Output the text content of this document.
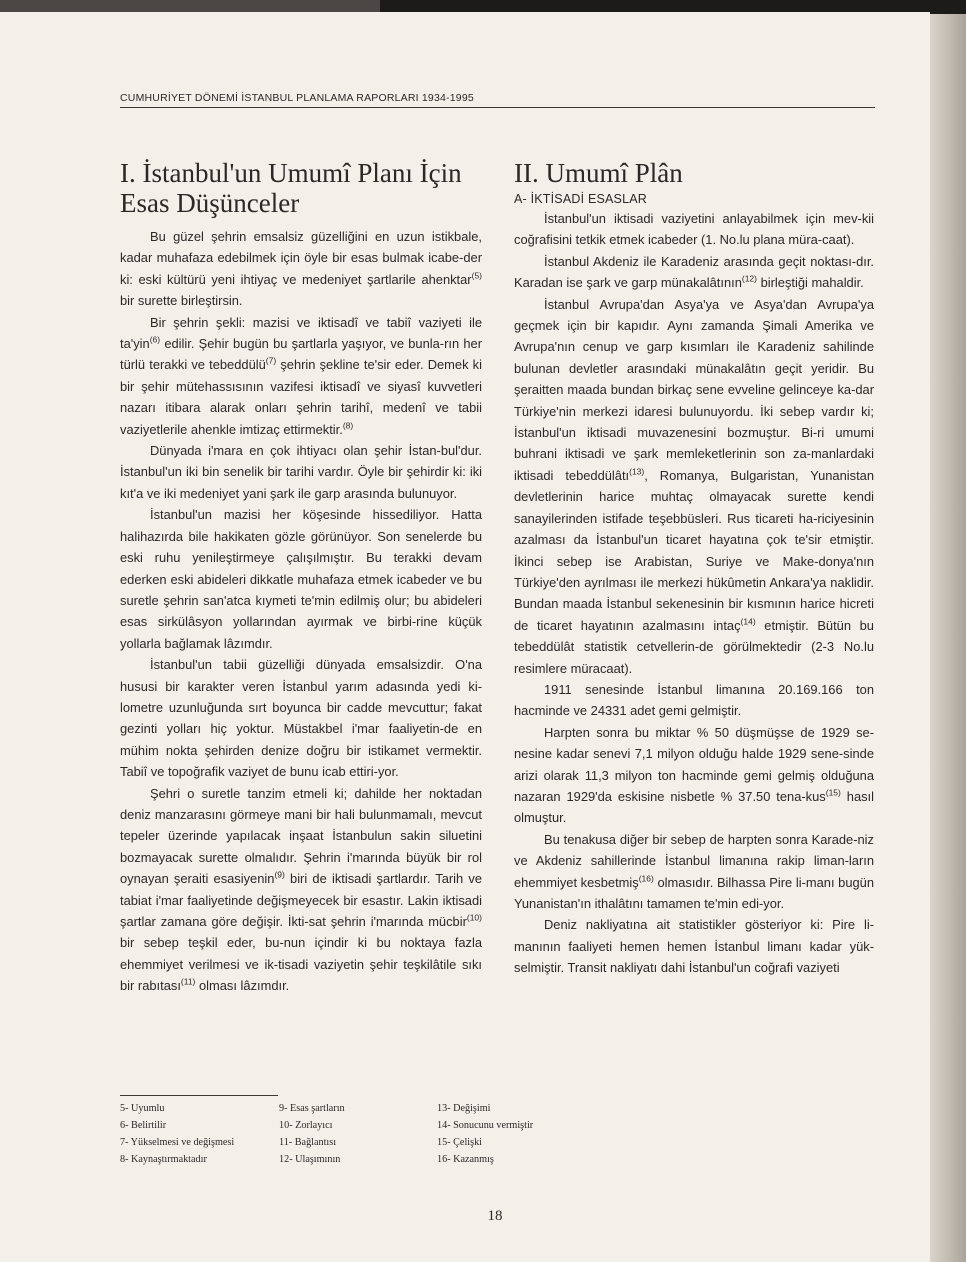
CUMHURİYET DÖNEMİ İSTANBUL PLANLAMA RAPORLARI 1934-1995
I. İstanbul'un Umumî Planı İçin
Esas Düşünceler

Bu güzel şehrin emsalsiz güzelliğini en uzun istikbale, kadar muhafaza edebilmek için öyle bir esas bulmak icabe-der ki: eski kültürü yeni ihtiyaç ve medeniyet şartlarile ahenktar$^{(5)}$ bir surette birleştirsin.

Bir şehrin şekli: mazisi ve iktisadî ve tabiî vaziyeti ile ta'yin$^{(6)}$ edilir. Şehir bugün bu şartlarla yaşıyor, ve bunla-rın her türlü terakki ve tebeddülü$^{(7)}$ şehrin şekline te'sir eder. Demek ki bir şehir mütehassısının vazifesi iktisadî ve siyasî kuvvetleri nazarı itibara alarak onları şehrin tarihî, medenî ve tabii vaziyetlerile ahenkle imtizaç ettirmektir.$^{(8)}$

Dünyada i'mara en çok ihtiyacı olan şehir İstan-bul'dur. İstanbul'un iki bin senelik bir tarihi vardır. Öyle bir şehirdir ki: iki kıt'a ve iki medeniyet yani şark ile garp arasında bulunuyor.

İstanbul'un mazisi her köşesinde hissediliyor. Hatta halihazırda bile hakikaten gözle görünüyor. Son senelerde bu eski ruhu yenileştirmeye çalışılmıştır. Bu terakki devam ederken eski abideleri dikkatle muhafaza etmek icabeder ve bu suretle şehrin san'atca kıymeti te'min edilmiş olur; bu abideleri esas sirkülâsyon yollarından ayırmak ve birbi-rine küçük yollarla bağlamak lâzımdır.

İstanbul'un tabii güzelliği dünyada emsalsizdir. O'na hususi bir karakter veren İstanbul yarım adasında yedi ki-lometre uzunluğunda sırt boyunca bir cadde mevcuttur; fakat gezinti yolları hiç yoktur. Müstakbel i'mar faaliyetin-de en mühim nokta şehirden denize doğru bir istikamet vermektir. Tabiî ve topoğrafik vaziyet de bunu icab ettiri-yor.

Şehri o suretle tanzim etmeli ki; dahilde her noktadan deniz manzarasını görmeye mani bir hali bulunmamalı, mevcut tepeler üzerinde yapılacak inşaat İstanbulun sakin siluetini bozmayacak surette olmalıdır. Şehrin i'marında büyük bir rol oynayan şeraiti esasiyenin$^{(9)}$ biri de iktisadi şartlardır. Tarih ve tabiat i'mar faaliyetinde değişmeyecek bir esastır. Lakin iktisadi şartlar zamana göre değişir. İkti-sat şehrin i'marında mücbir$^{(10)}$ bir sebep teşkil eder, bu-nun içindir ki bu noktaya fazla ehemmiyet verilmesi ve ik-tisadi vaziyetin şehir teşkilâtile sıkı bir rabıtası$^{(11)}$ olması lâzımdır.

II. Umumî Plân
A- İKTİSADİ ESASLAR

İstanbul'un iktisadi vaziyetini anlayabilmek için mev-kii coğrafisini tetkik etmek icabeder (1. No.lu plana müra-caat).

İstanbul Akdeniz ile Karadeniz arasında geçit noktası-dır. Karadan ise şark ve garp münakalâtının$^{(12)}$ birleştiği mahaldir.

İstanbul Avrupa'dan Asya'ya ve Asya'dan Avrupa'ya geçmek için bir kapıdır. Aynı zamanda Şimali Amerika ve Avrupa'nın cenup ve garp kısımları ile Karadeniz sahilinde bulunan devletler arasındaki münakalâtın geçit yeridir. Bu şeraitten maada bundan birkaç sene evveline gelinceye ka-dar Türkiye'nin merkezi idaresi bulunuyordu. İki sebep vardır ki; İstanbul'un iktisadi muvazenesini bozmuştur. Bi-ri umumi buhrani iktisadi ve şark memleketlerinin son za-manlardaki iktisadi tebeddülâtı$^{(13)}$, Romanya, Bulgaristan, Yunanistan devletlerinin harice muhtaç olmayacak surette kendi sanayilerinden istifade teşebbüsleri. Rus ticareti ha-riciyesinin azalması da İstanbul'un ticaret hayatına çok te'sir etmiştir. İkinci sebep ise Arabistan, Suriye ve Make-donya'nın Türkiye'den ayrılması ile merkezi hükûmetin Ankara'ya naklidir. Bundan maada İstanbul sekenesinin bir kısmının harice hicreti de ticaret hayatının azalmasını intaç$^{(14)}$ etmiştir. Bütün bu tebeddülât statistik cetvellerin-de görülmektedir (2-3 No.lu resimlere müracaat).

1911 senesinde İstanbul limanına 20.169.166 ton hacminde ve 24331 adet gemi gelmiştir.

Harpten sonra bu miktar % 50 düşmüşse de 1929 se-nesine kadar senevi 7,1 milyon olduğu halde 1929 sene-sinde arizi olarak 11,3 milyon ton hacminde gemi gelmiş olduğuna nazaran 1929'da eskisine nisbetle % 37.50 tena-kus$^{(15)}$ hasıl olmuştur.

Bu tenakusa diğer bir sebep de harpten sonra Karade-niz ve Akdeniz sahillerinde İstanbul limanına rakip liman-ların ehemmiyet kesbetmiş$^{(16)}$ olmasıdır. Bilhassa Pire li-manı bugün Yunanistan'ın ithalâtını tamamen te'min edi-yor.

Deniz nakliyatına ait statistikler gösteriyor ki: Pire li-manının faaliyeti hemen hemen İstanbul limanı kadar yük-selmiştir. Transit nakliyatı dahi İstanbul'un coğrafi vaziyeti

5- Uyumlu
6- Belirtilir
7- Yükselmesi ve değişmesi
8- Kaynaştırmaktadır
9- Esas şartların
10- Zorlayıcı
11- Bağlantısı
12- Ulaşımının
13- Değişimi
14- Sonucunu vermiştir
15- Çelişki
16- Kazanmış
18
